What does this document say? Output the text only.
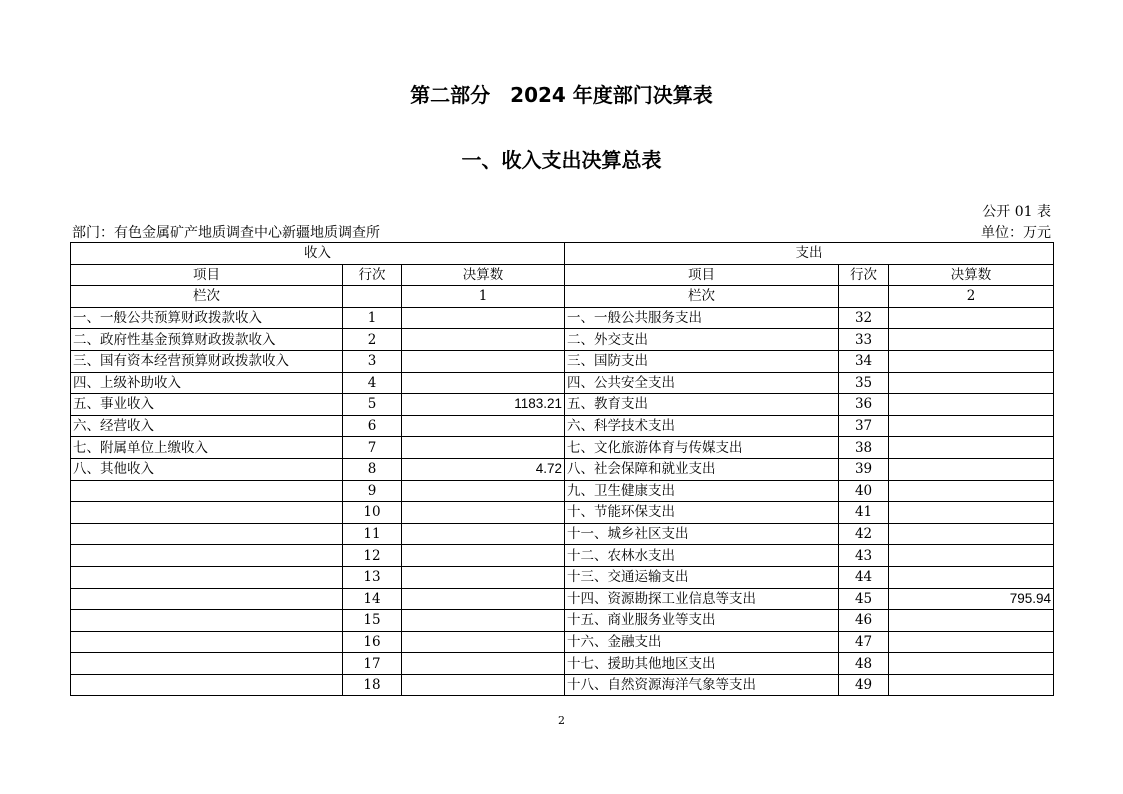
第二部分　2024 年度部门决算表
一、收入支出决算总表
公开 01 表
部门：有色金属矿产地质调查中心新疆地质调查所	单位：万元
收入			支出		
项目	行次	决算数	项目	行次	决算数
栏次		1	栏次		2
一、一般公共预算财政拨款收入	1		一、一般公共服务支出	32	
二、政府性基金预算财政拨款收入	2		二、外交支出	33	
三、国有资本经营预算财政拨款收入	3		三、国防支出	34	
四、上级补助收入	4		四、公共安全支出	35	
五、事业收入	5	1183.21	五、教育支出	36	
六、经营收入	6		六、科学技术支出	37	
七、附属单位上缴收入	7		七、文化旅游体育与传媒支出	38	
八、其他收入	8	4.72	八、社会保障和就业支出	39	
	9		九、卫生健康支出	40	
	10		十、节能环保支出	41	
	11		十一、城乡社区支出	42	
	12		十二、农林水支出	43	
	13		十三、交通运输支出	44	
	14		十四、资源勘探工业信息等支出	45	795.94
	15		十五、商业服务业等支出	46	
	16		十六、金融支出	47	
	17		十七、援助其他地区支出	48	
	18		十八、自然资源海洋气象等支出	49	
2
